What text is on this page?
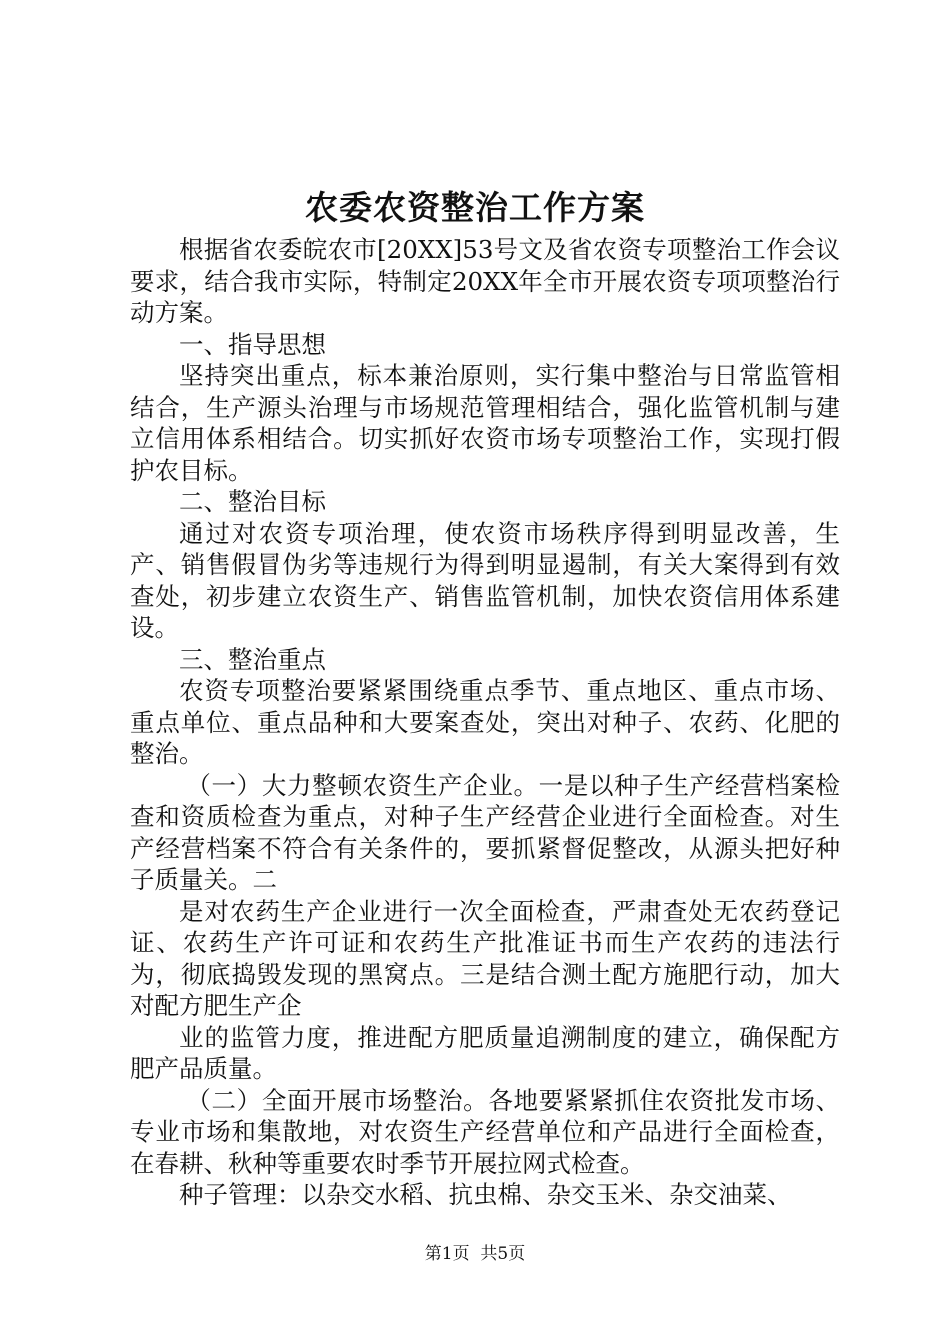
农委农资整治工作方案

根据省农委皖农市[20XX]53号文及省农资专项整治工作会议要求，结合我市实际，特制定20XX年全市开展农资专项项整治行动方案。

一、指导思想

坚持突出重点，标本兼治原则，实行集中整治与日常监管相结合，生产源头治理与市场规范管理相结合，强化监管机制与建立信用体系相结合。切实抓好农资市场专项整治工作，实现打假护农目标。

二、整治目标

通过对农资专项治理，使农资市场秩序得到明显改善，生产、销售假冒伪劣等违规行为得到明显遏制，有关大案得到有效查处，初步建立农资生产、销售监管机制，加快农资信用体系建设。

三、整治重点

农资专项整治要紧紧围绕重点季节、重点地区、重点市场、重点单位、重点品种和大要案查处，突出对种子、农药、化肥的整治。

（一）大力整顿农资生产企业。一是以种子生产经营档案检查和资质检查为重点，对种子生产经营企业进行全面检查。对生产经营档案不符合有关条件的，要抓紧督促整改，从源头把好种子质量关。二

是对农药生产企业进行一次全面检查，严肃查处无农药登记证、农药生产许可证和农药生产批准证书而生产农药的违法行为，彻底捣毁发现的黑窝点。三是结合测土配方施肥行动，加大对配方肥生产企

业的监管力度，推进配方肥质量追溯制度的建立，确保配方肥产品质量。

（二）全面开展市场整治。各地要紧紧抓住农资批发市场、专业市场和集散地，对农资生产经营单位和产品进行全面检查，在春耕、秋种等重要农时季节开展拉网式检查。

种子管理：以杂交水稻、抗虫棉、杂交玉米、杂交油菜、

第1页  共5页
